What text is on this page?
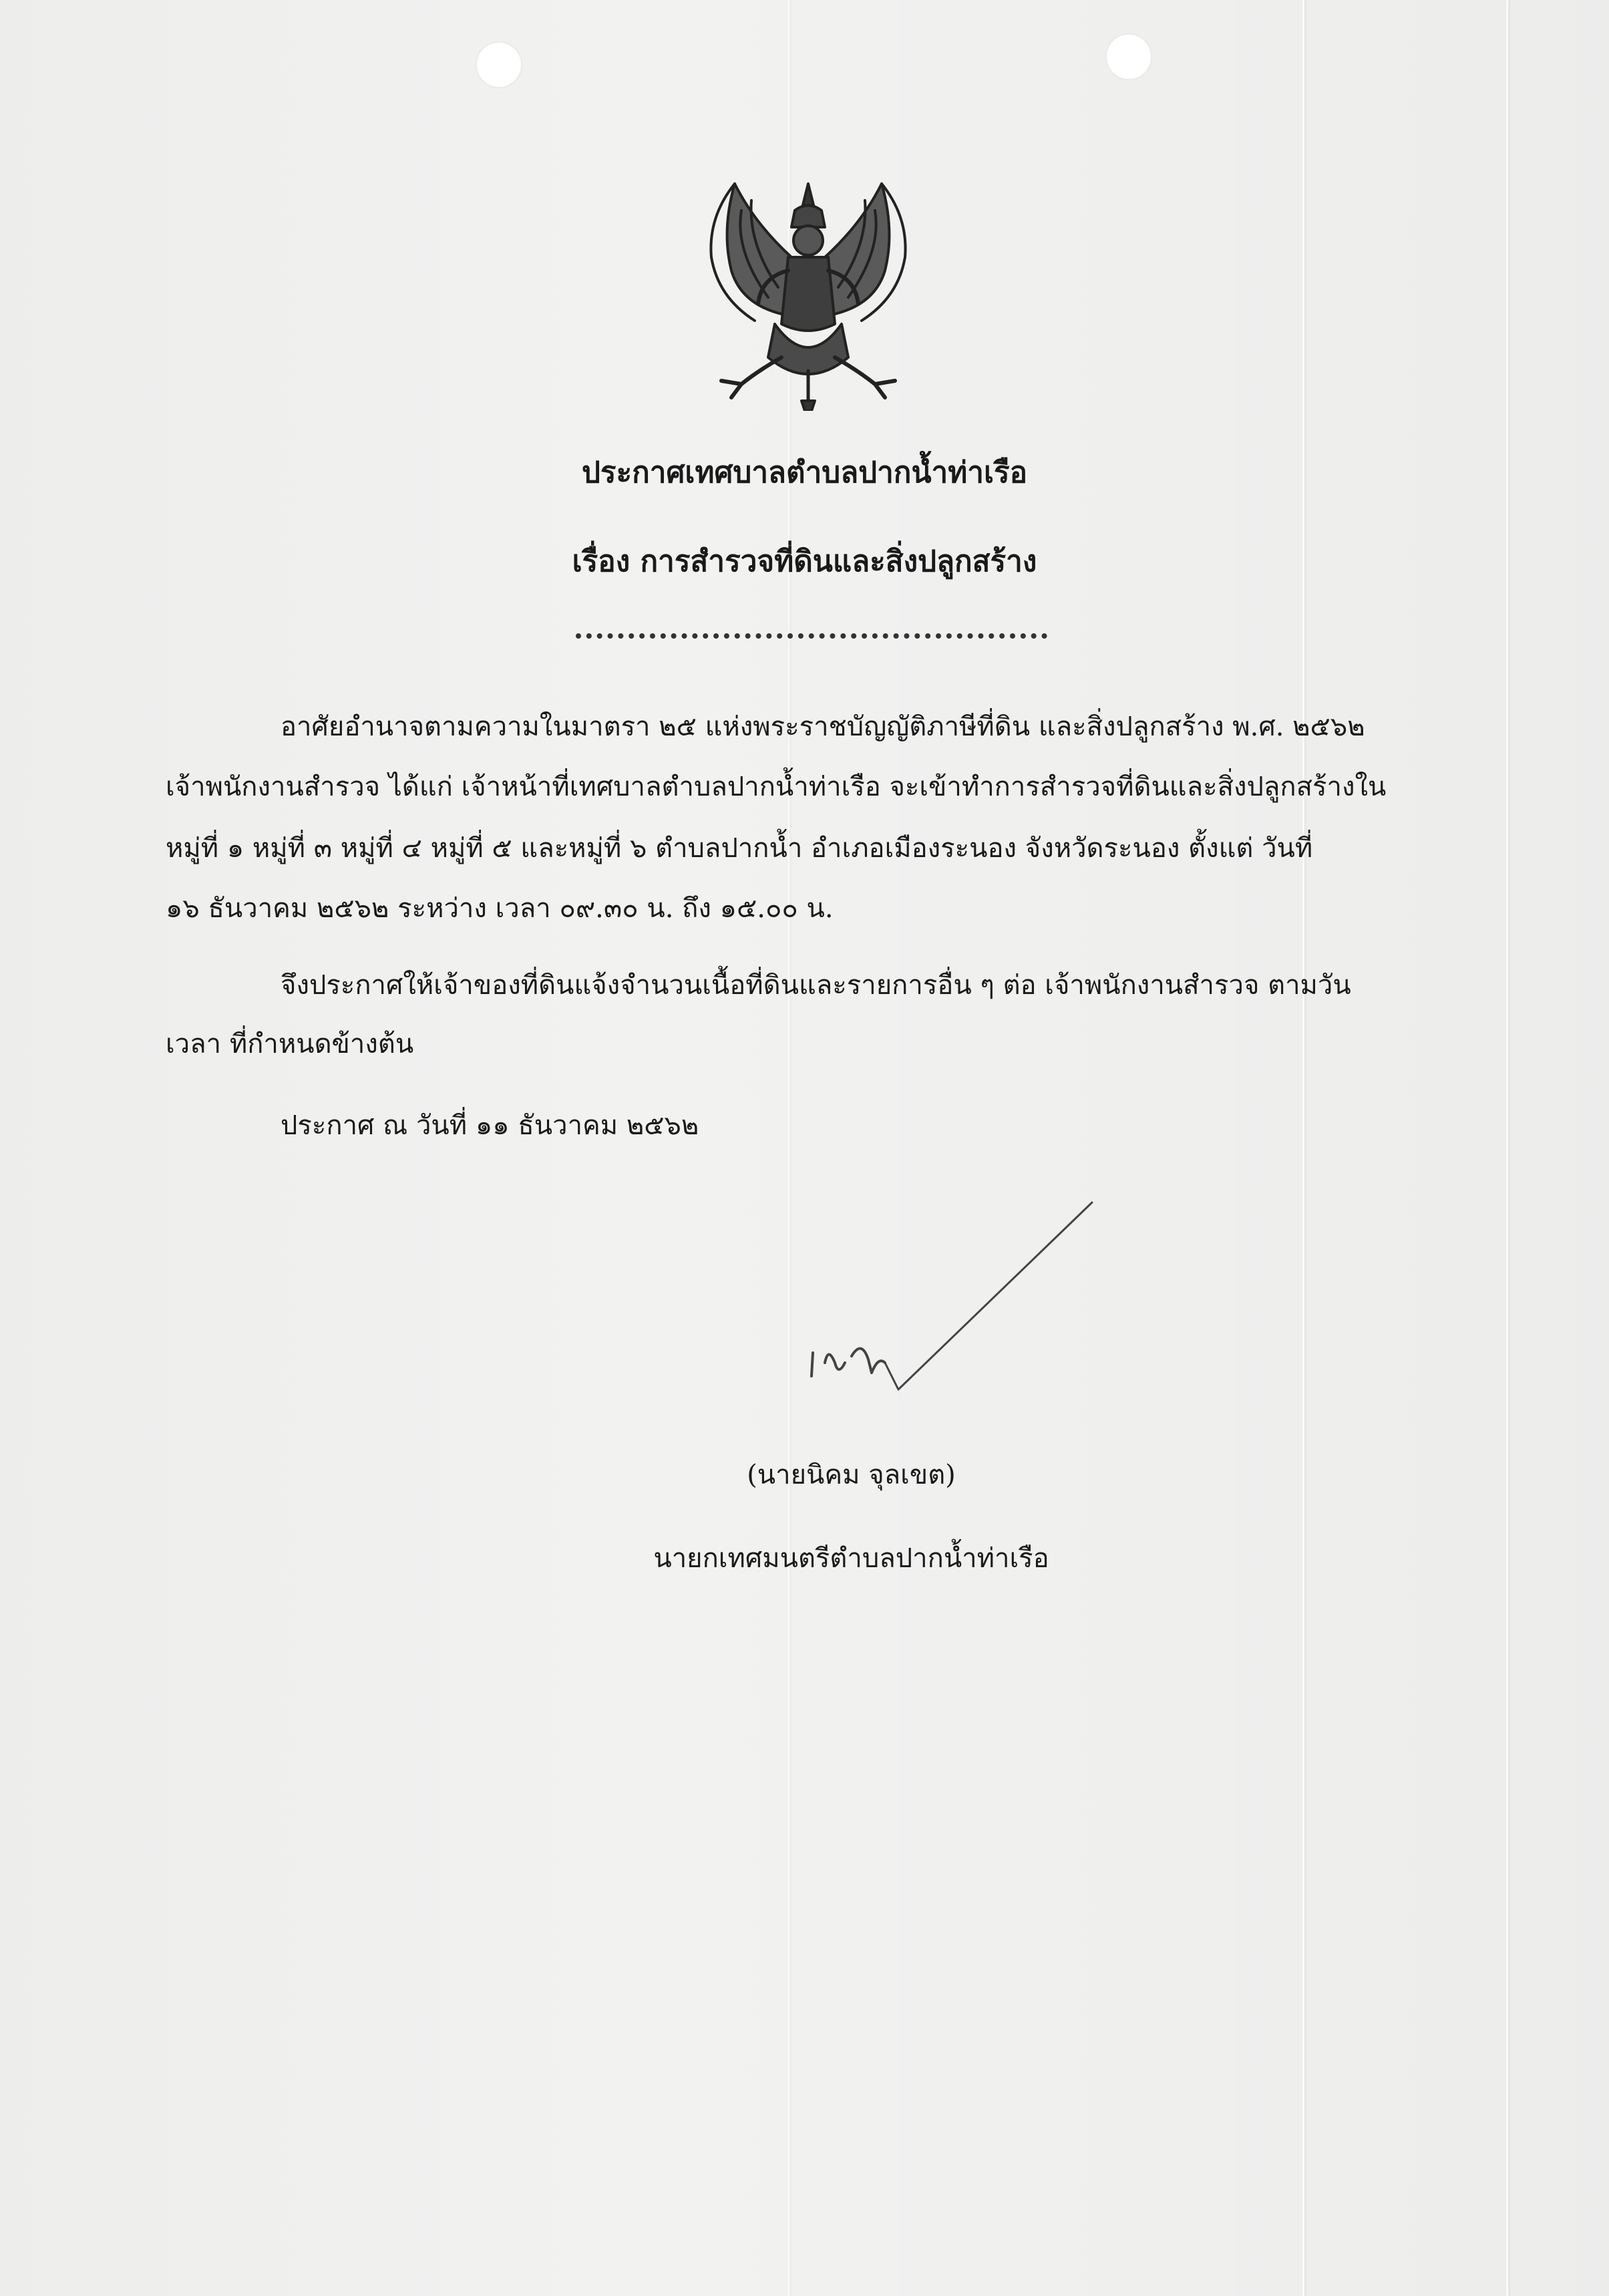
ประกาศเทศบาลตำบลปากน้ำท่าเรือ
เรื่อง การสำรวจที่ดินและสิ่งปลูกสร้าง
อาศัยอำนาจตามความในมาตรา ๒๕ แห่งพระราชบัญญัติภาษีที่ดิน และสิ่งปลูกสร้าง พ.ศ. ๒๕๖๒
เจ้าพนักงานสำรวจ ได้แก่ เจ้าหน้าที่เทศบาลตำบลปากน้ำท่าเรือ จะเข้าทำการสำรวจที่ดินและสิ่งปลูกสร้างใน
หมู่ที่ ๑ หมู่ที่ ๓ หมู่ที่ ๔ หมู่ที่ ๕ และหมู่ที่ ๖ ตำบลปากน้ำ อำเภอเมืองระนอง จังหวัดระนอง ตั้งแต่ วันที่
๑๖ ธันวาคม ๒๕๖๒ ระหว่าง เวลา ๐๙.๓๐ น. ถึง ๑๕.๐๐ น.
จึงประกาศให้เจ้าของที่ดินแจ้งจำนวนเนื้อที่ดินและรายการอื่น ๆ ต่อ เจ้าพนักงานสำรวจ ตามวัน
เวลา ที่กำหนดข้างต้น
ประกาศ ณ วันที่ ๑๑ ธันวาคม ๒๕๖๒
(นายนิคม จุลเขต)
นายกเทศมนตรีตำบลปากน้ำท่าเรือ
